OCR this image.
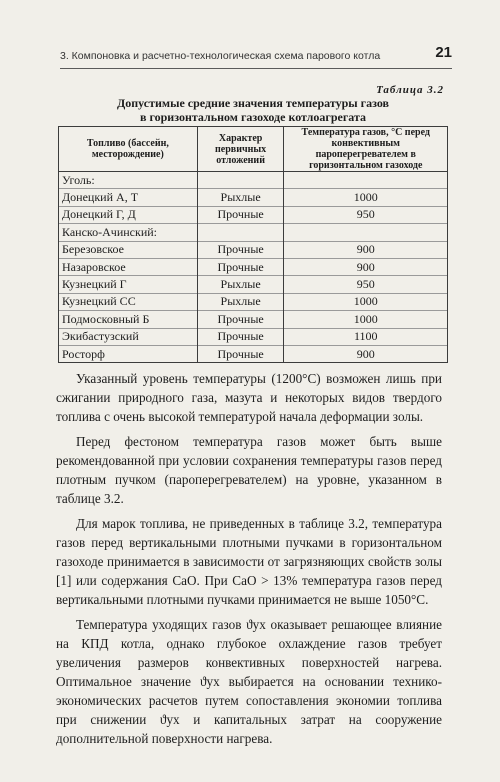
3. Компоновка и расчетно-технологическая схема парового котла	21
Таблица 3.2
Допустимые средние значения температуры газов
в горизонтальном газоходе котлоагрегата
Топливо (бассейн, месторождение)	Характер первичных отложений	Температура газов, °С перед конвективным пароперегревателем в горизонтальном газоходе
Уголь:		
Донецкий А, Т	Рыхлые	1000
Донецкий Г, Д	Прочные	950
Канско-Ачинский:		
Березовское	Прочные	900
Назаровское	Прочные	900
Кузнецкий Г	Рыхлые	950
Кузнецкий СС	Рыхлые	1000
Подмосковный Б	Прочные	1000
Экибастузский	Прочные	1100
Росторф	Прочные	900

Указанный уровень температуры (1200°С) возможен лишь при сжигании природного газа, мазута и некоторых видов твердого топлива с очень высокой температурой начала деформации золы.

Перед фестоном температура газов может быть выше рекомендованной при условии сохранения температуры газов перед плотным пучком (пароперегревателем) на уровне, указанном в таблице 3.2.

Для марок топлива, не приведенных в таблице 3.2, температура газов перед вертикальными плотными пучками в горизонтальном газоходе принимается в зависимости от загрязняющих свойств золы [1] или содержания СаО. При СаО > 13% температура газов перед вертикальными плотными пучками принимается не выше 1050°С.

Температура уходящих газов ϑух оказывает решающее влияние на КПД котла, однако глубокое охлаждение газов требует увеличения размеров конвективных поверхностей нагрева. Оптимальное значение ϑух выбирается на основании технико-экономических расчетов путем сопоставления экономии топлива при снижении ϑух и капитальных затрат на сооружение дополнительной поверхности нагрева.
